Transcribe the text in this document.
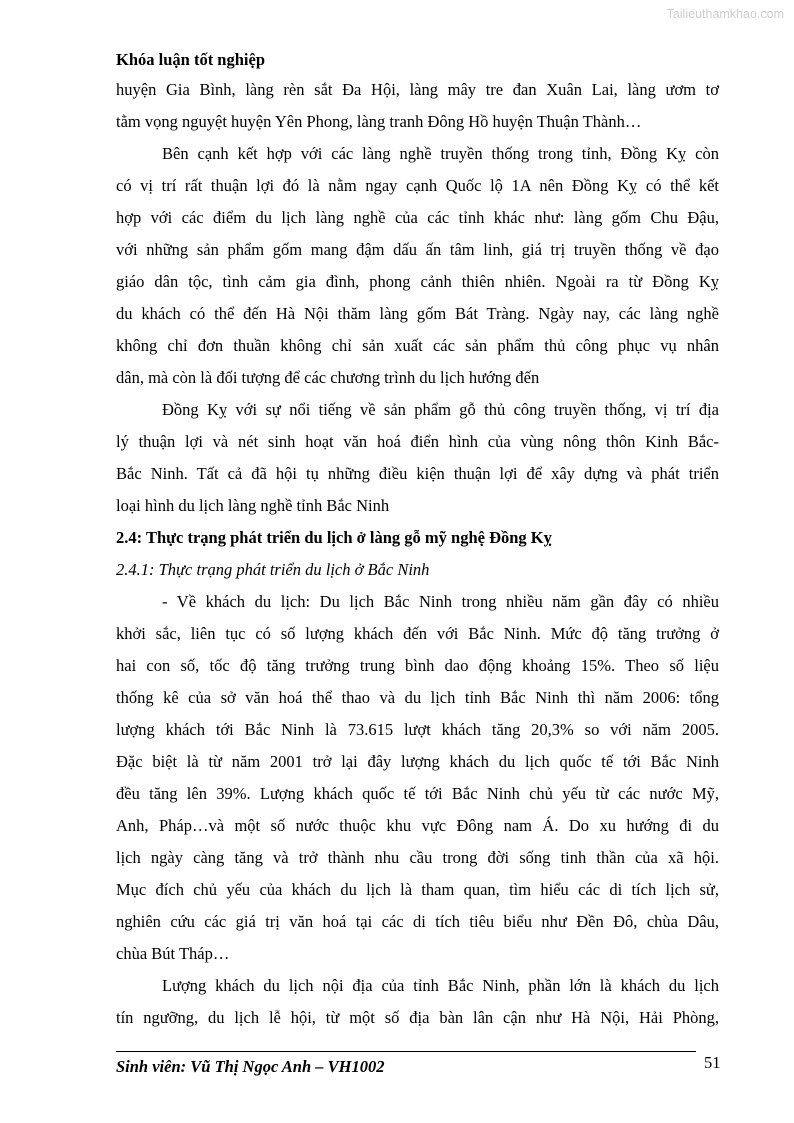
Tailieuthamkhao.com
Khóa luận tốt nghiệp
huyện Gia Bình, làng rèn sắt Đa Hội, làng mây tre đan Xuân Lai, làng ươm tơ
tằm vọng nguyệt huyện Yên Phong, làng tranh Đông Hồ huyện Thuận Thành…
Bên cạnh kết hợp với các làng nghề truyền thống trong tỉnh, Đồng Kỵ còn
có vị trí rất thuận lợi đó là nằm ngay cạnh Quốc lộ 1A nên Đồng Kỵ có thể kết
hợp với các điểm du lịch làng nghề của các tỉnh khác như: làng gốm Chu Đậu,
với những sản phẩm gốm mang đậm dấu ấn tâm linh, giá trị truyền thống về đạo
giáo dân tộc, tình cảm gia đình, phong cảnh thiên nhiên. Ngoài ra từ Đồng Kỵ
du khách có thể đến Hà Nội thăm làng gốm Bát Tràng. Ngày nay, các làng nghề
không chỉ đơn thuần không chỉ sản xuất các sản phẩm thủ công phục vụ nhân
dân, mà còn là đối tượng để các chương trình du lịch hướng đến
Đồng Kỵ với sự nổi tiếng về sản phẩm gỗ thủ công truyền thống, vị trí địa
lý thuận lợi và nét sinh hoạt văn hoá điển hình của vùng nông thôn Kinh Bắc-
Bắc Ninh. Tất cả đã hội tụ những điều kiện thuận lợi để xây dựng và phát triển
loại hình du lịch làng nghề tỉnh Bắc Ninh
2.4: Thực trạng phát triển du lịch ở làng gỗ mỹ nghệ Đồng Kỵ
2.4.1: Thực trạng phát triển du lịch ở Bắc Ninh
- Về khách du lịch: Du lịch Bắc Ninh trong nhiều năm gần đây có nhiều
khởi sắc, liên tục có số lượng khách đến với Bắc Ninh. Mức độ tăng trưởng ở
hai con số, tốc độ tăng trưởng trung bình dao động khoảng 15%. Theo số liệu
thống kê của sở văn hoá thể thao và du lịch tỉnh Bắc Ninh thì năm 2006: tổng
lượng khách tới Bắc Ninh là 73.615 lượt khách tăng 20,3% so với năm 2005.
Đặc biệt là từ năm 2001 trở lại đây lượng khách du lịch quốc tế tới Bắc Ninh
đều tăng lên 39%. Lượng khách quốc tế tới Bắc Ninh chủ yếu từ các nước Mỹ,
Anh, Pháp…và một số nước thuộc khu vực Đông nam Á. Do xu hướng đi du
lịch ngày càng tăng và trở thành nhu cầu trong đời sống tinh thần của xã hội.
Mục đích chủ yếu của khách du lịch là tham quan, tìm hiểu các di tích lịch sử,
nghiên cứu các giá trị văn hoá tại các di tích tiêu biểu như Đền Đô, chùa Dâu,
chùa Bút Tháp…
Lượng khách du lịch nội địa của tỉnh Bắc Ninh, phần lớn là khách du lịch
tín ngưỡng, du lịch lễ hội, từ một số địa bàn lân cận như Hà Nội, Hải Phòng,
Sinh viên: Vũ Thị Ngọc Anh – VH1002	51
